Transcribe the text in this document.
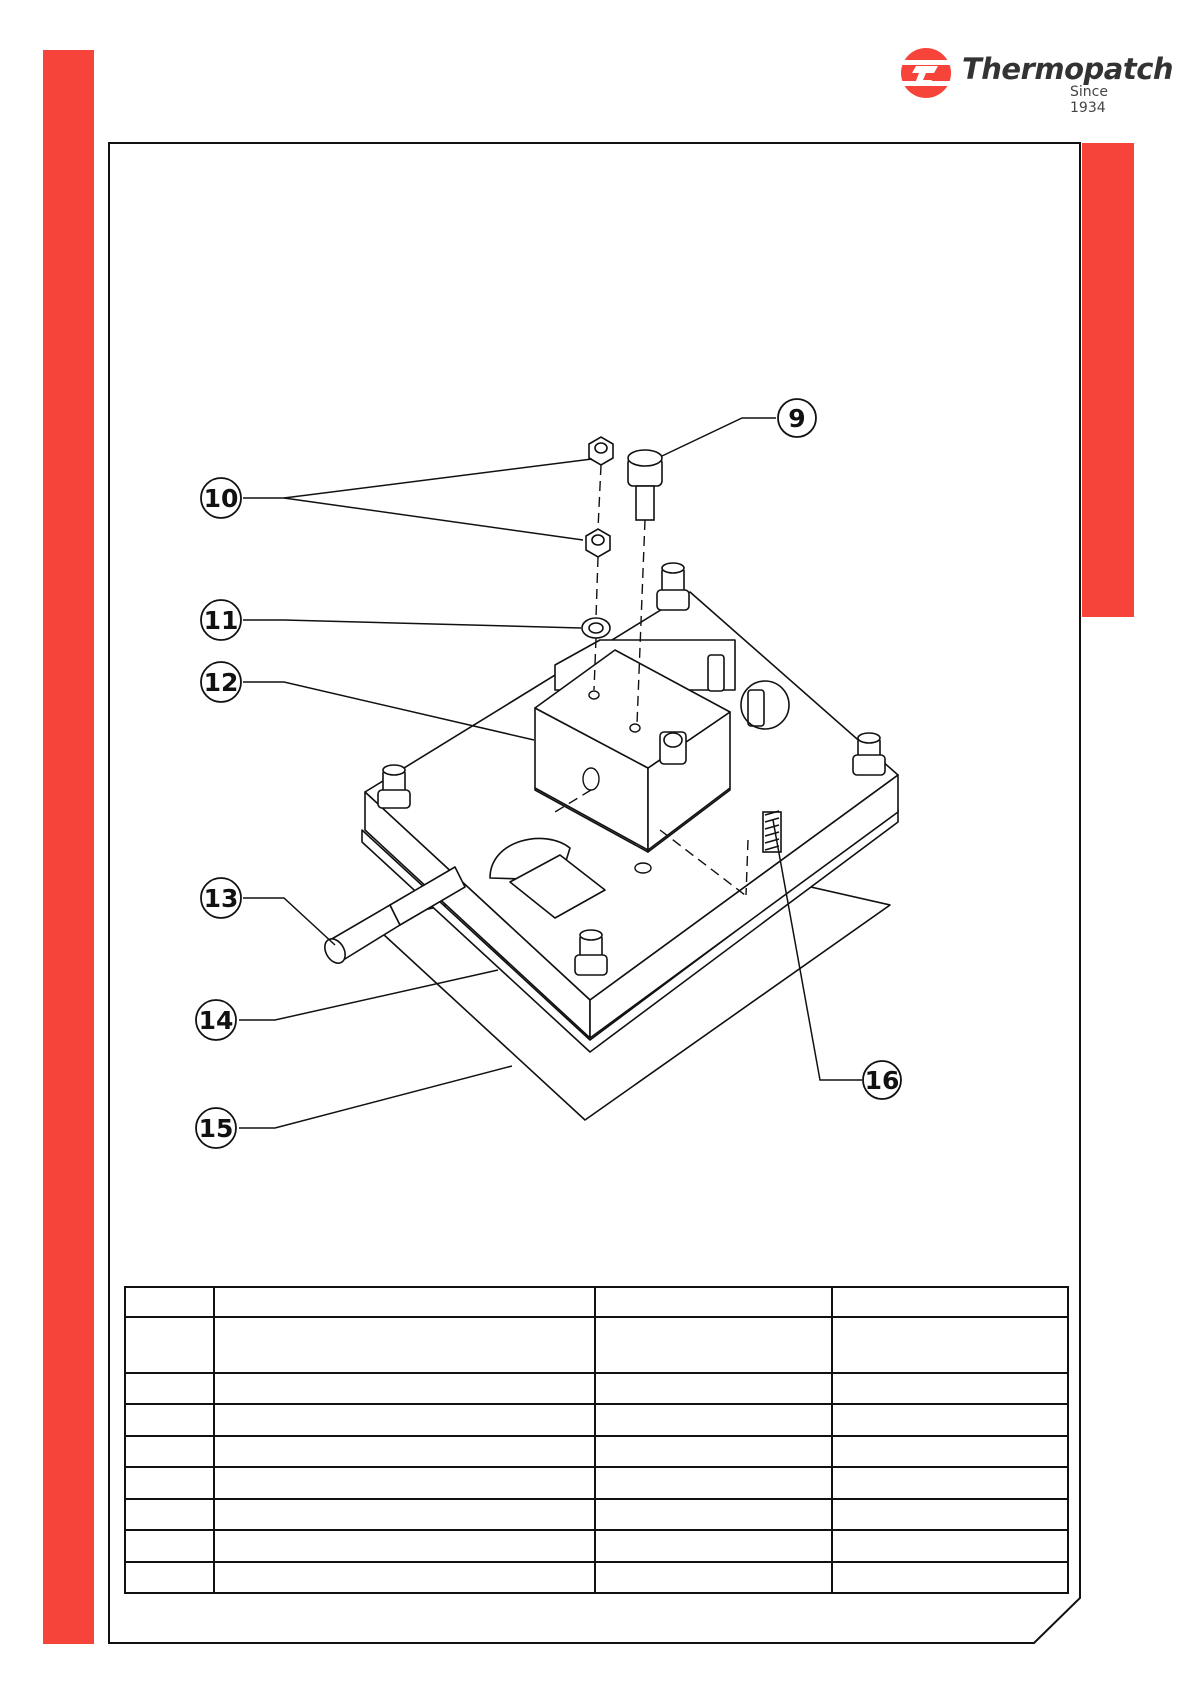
Thermopatch
Since 1934
9
10
11
12
13
14
15
16
